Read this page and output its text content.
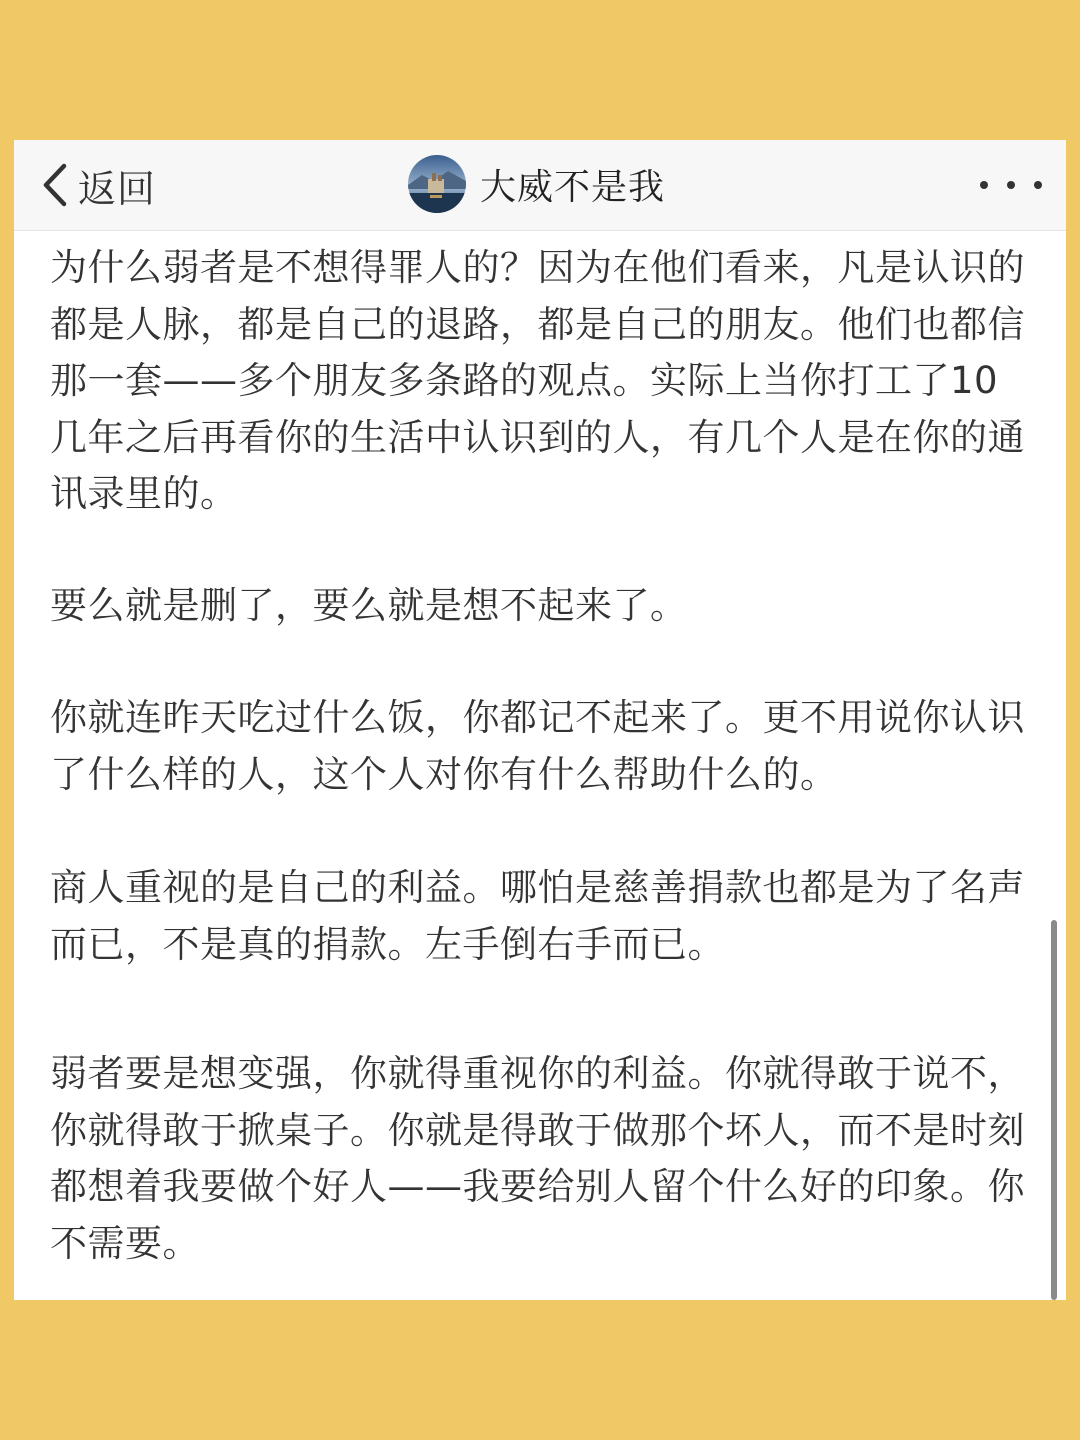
返回	大威不是我

为什么弱者是不想得罪人的？因为在他们看来，凡是认识的都是人脉，都是自己的退路，都是自己的朋友。他们也都信那一套——多个朋友多条路的观点。实际上当你打工了10几年之后再看你的生活中认识到的人，有几个人是在你的通讯录里的。

要么就是删了，要么就是想不起来了。

你就连昨天吃过什么饭，你都记不起来了。更不用说你认识了什么样的人，这个人对你有什么帮助什么的。

商人重视的是自己的利益。哪怕是慈善捐款也都是为了名声而已，不是真的捐款。左手倒右手而已。

弱者要是想变强，你就得重视你的利益。你就得敢于说不，你就得敢于掀桌子。你就是得敢于做那个坏人，而不是时刻都想着我要做个好人——我要给别人留个什么好的印象。你不需要。
